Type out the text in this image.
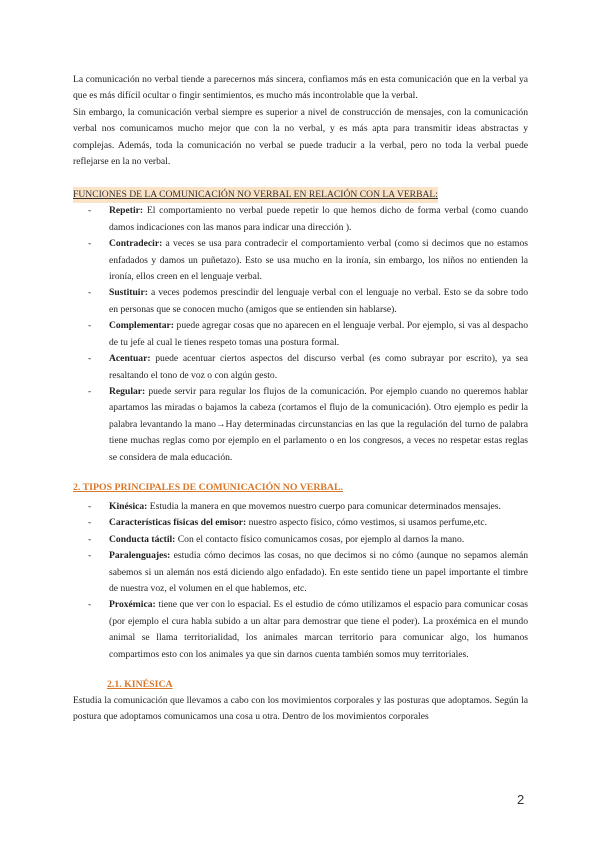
La comunicación no verbal tiende a parecernos más sincera, confiamos más en esta comunicación que en la verbal ya que es más difícil ocultar o fingir sentimientos, es mucho más incontrolable que la verbal.

Sin embargo, la comunicación verbal siempre es superior a nivel de construcción de mensajes, con la comunicación verbal nos comunicamos mucho mejor que con la no verbal, y es más apta para transmitir ideas abstractas y complejas. Además, toda la comunicación no verbal se puede traducir a la verbal, pero no toda la verbal puede reflejarse en la no verbal.

FUNCIONES DE LA COMUNICACIÓN NO VERBAL EN RELACIÓN CON LA VERBAL:
- Repetir: El comportamiento no verbal puede repetir lo que hemos dicho de forma verbal (como cuando damos indicaciones con las manos para indicar una dirección ).
- Contradecir: a veces se usa para contradecir el comportamiento verbal (como si decimos que no estamos enfadados y damos un puñetazo). Esto se usa mucho en la ironía, sin embargo, los niños no entienden la ironía, ellos creen en el lenguaje verbal.
- Sustituir: a veces podemos prescindir del lenguaje verbal con el lenguaje no verbal. Esto se da sobre todo en personas que se conocen mucho (amigos que se entienden sin hablarse).
- Complementar: puede agregar cosas que no aparecen en el lenguaje verbal. Por ejemplo, si vas al despacho de tu jefe al cual le tienes respeto tomas una postura formal.
- Acentuar: puede acentuar ciertos aspectos del discurso verbal (es como subrayar por escrito), ya sea resaltando el tono de voz o con algún gesto.
- Regular: puede servir para regular los flujos de la comunicación. Por ejemplo cuando no queremos hablar apartamos las miradas o bajamos la cabeza (cortamos el flujo de la comunicación). Otro ejemplo es pedir la palabra levantando la mano→Hay determinadas circunstancias en las que la regulación del turno de palabra tiene muchas reglas como por ejemplo en el parlamento o en los congresos, a veces no respetar estas reglas se considera de mala educación.
2. TIPOS PRINCIPALES DE COMUNICACIÓN NO VERBAL.
- Kinésica: Estudia la manera en que movemos nuestro cuerpo para comunicar determinados mensajes.
- Características físicas del emisor: nuestro aspecto físico, cómo vestimos, si usamos perfume,etc.
- Conducta táctil: Con el contacto físico comunicamos cosas, por ejemplo al darnos la mano.
- Paralenguajes: estudia cómo decimos las cosas, no que decimos si no cómo (aunque no sepamos alemán sabemos si un alemán nos está diciendo algo enfadado). En este sentido tiene un papel importante el timbre de nuestra voz, el volumen en el que hablemos, etc.
- Proxémica: tiene que ver con lo espacial. Es el estudio de cómo utilizamos el espacio para comunicar cosas (por ejemplo el cura habla subido a un altar para demostrar que tiene el poder). La proxémica en el mundo animal se llama territorialidad, los animales marcan territorio para comunicar algo, los humanos compartimos esto con los animales ya que sin darnos cuenta también somos muy territoriales.
2.1. KINÉSICA

Estudia la comunicación que llevamos a cabo con los movimientos corporales y las posturas que adoptamos. Según la postura que adoptamos comunicamos una cosa u otra. Dentro de los movimientos corporales

2
